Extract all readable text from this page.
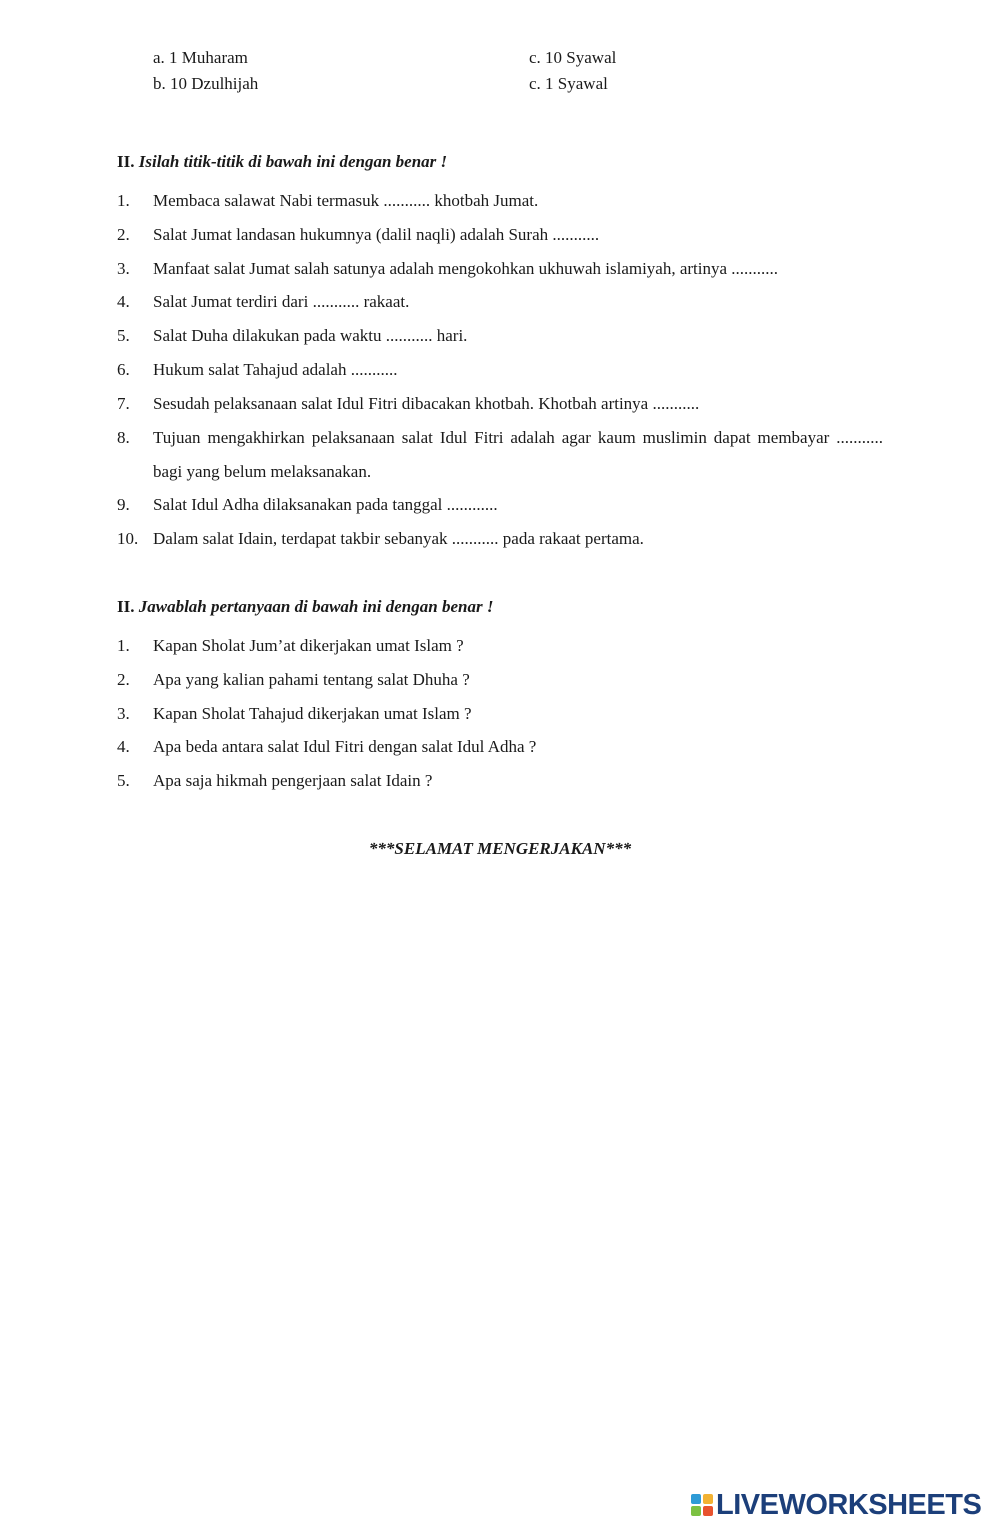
a. 1 Muharam
b. 10 Dzulhijah
c. 10 Syawal
c. 1 Syawal
II. Isilah titik-titik di bawah ini dengan benar !
1.	Membaca salawat Nabi termasuk ........... khotbah Jumat.
2.	Salat Jumat landasan hukumnya (dalil naqli) adalah Surah ...........
3.	Manfaat salat Jumat salah satunya adalah mengokohkan ukhuwah islamiyah, artinya ...........
4.	Salat Jumat terdiri dari ........... rakaat.
5.	Salat Duha dilakukan pada waktu ........... hari.
6.	Hukum salat Tahajud adalah ...........
7.	Sesudah pelaksanaan salat Idul Fitri dibacakan khotbah. Khotbah artinya ...........
8.	Tujuan mengakhirkan pelaksanaan salat Idul Fitri adalah agar kaum muslimin dapat membayar ........... bagi yang belum melaksanakan.
9.	Salat Idul Adha dilaksanakan pada tanggal ............
10. Dalam salat Idain, terdapat takbir sebanyak ........... pada rakaat pertama.
II. Jawablah pertanyaan di bawah ini dengan benar !
1.	Kapan Sholat Jum’at dikerjakan umat Islam ?
2.	Apa yang kalian pahami tentang salat Dhuha ?
3.	Kapan Sholat Tahajud dikerjakan umat Islam ?
4.	Apa beda antara salat Idul Fitri dengan salat Idul Adha ?
5.	Apa saja hikmah pengerjaan salat Idain ?
***SELAMAT MENGERJAKAN***
LIVEWORKSHEETS
